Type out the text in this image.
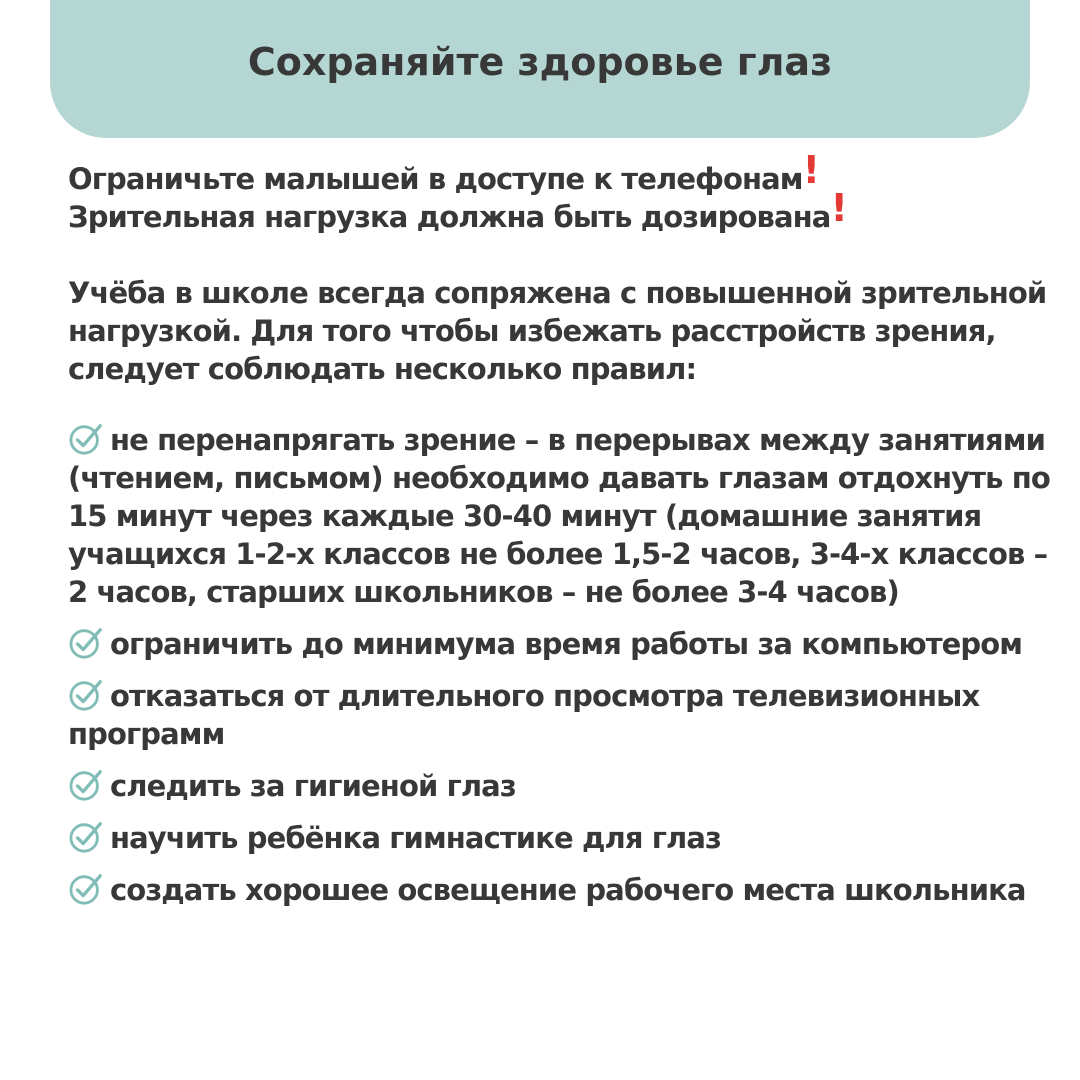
Сохраняйте здоровье глаз

Ограничьте малышей в доступе к телефонам!
Зрительная нагрузка должна быть дозирована!

Учёба в школе всегда сопряжена с повышенной зрительной нагрузкой. Для того чтобы избежать расстройств зрения, следует соблюдать несколько правил:

не перенапрягать зрение – в перерывах между занятиями (чтением, письмом) необходимо давать глазам отдохнуть по 15 минут через каждые 30-40 минут (домашние занятия учащихся 1-2-х классов не более 1,5-2 часов, 3-4-х классов – 2 часов, старших школьников – не более 3-4 часов)
ограничить до минимума время работы за компьютером
отказаться от длительного просмотра телевизионных программ
следить за гигиеной глаз
научить ребёнка гимнастике для глаз
создать хорошее освещение рабочего места школьника
